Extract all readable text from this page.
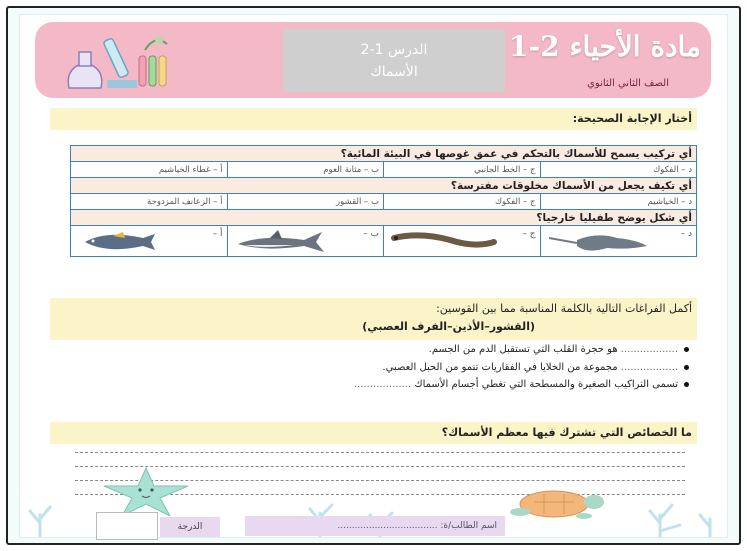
مادة الأحياء 2-1
الصف الثاني الثانوي
الدرس 1-2
الأسماك
أختار الإجابة الصحيحة:
أي تركيب يسمح للأسماك بالتحكم في عمق غوصها في البيئة المائية؟			
أ – غطاء الخياشيم	ب – مثانة العوم	ج – الخط الجانبي	د – الفكوك
أي تكيف يجعل من الأسماك مخلوقات مفترسة؟			
أ – الزعانف المزدوجة	ب – القشور	ج – الفكوك	د – الخياشيم
أي شكل يوضح طفيليا خارجيا؟			

أ –	ب –	ج –	د –
أكمل الفراغات التالية بالكلمة المناسبة مما بين القوسين:
(القشور–الأذين–الفرف العصبي)
.................. هو حجرة القلب التي تستقبل الدم من الجسم.
.................. مجموعة من الخلايا في الفقاريات تنمو من الحبل العصبي.
تسمى التراكيب الصغيرة والمسطحة التي تغطي أجسام الأسماك ..................
ما الخصائص التي تشترك فيها معظم الأسماك؟
الدرجة	اسم الطالب/ة: ...................................
